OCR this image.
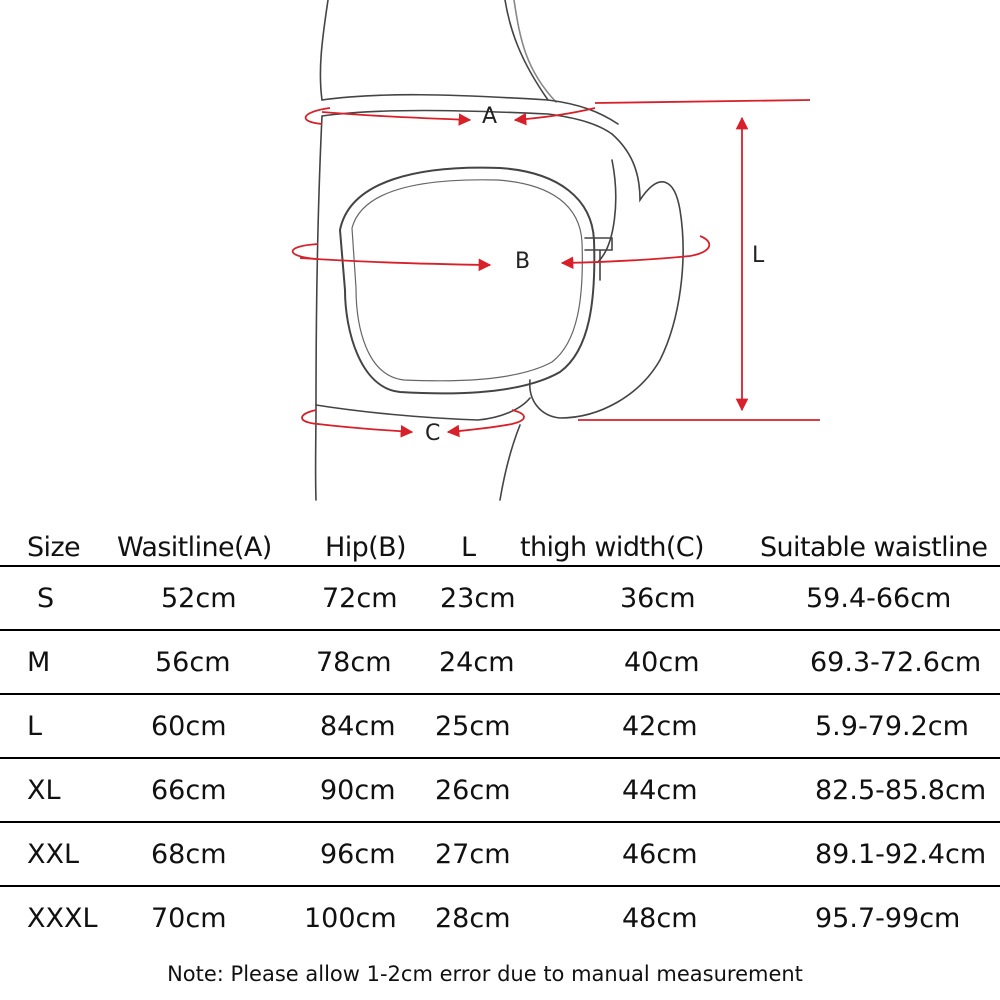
A
B	L
C
Size	Wasitline(A)	Hip(B)	L	thigh width(C)	Suitable waistline
S	52cm	72cm	23cm	36cm	59.4-66cm
M	56cm	78cm	24cm	40cm	69.3-72.6cm
L	60cm	84cm	25cm	42cm	5.9-79.2cm
XL	66cm	90cm	26cm	44cm	82.5-85.8cm
XXL	68cm	96cm	27cm	46cm	89.1-92.4cm
XXXL	70cm	100cm	28cm	48cm	95.7-99cm
Note: Please allow 1-2cm error due to manual measurement
